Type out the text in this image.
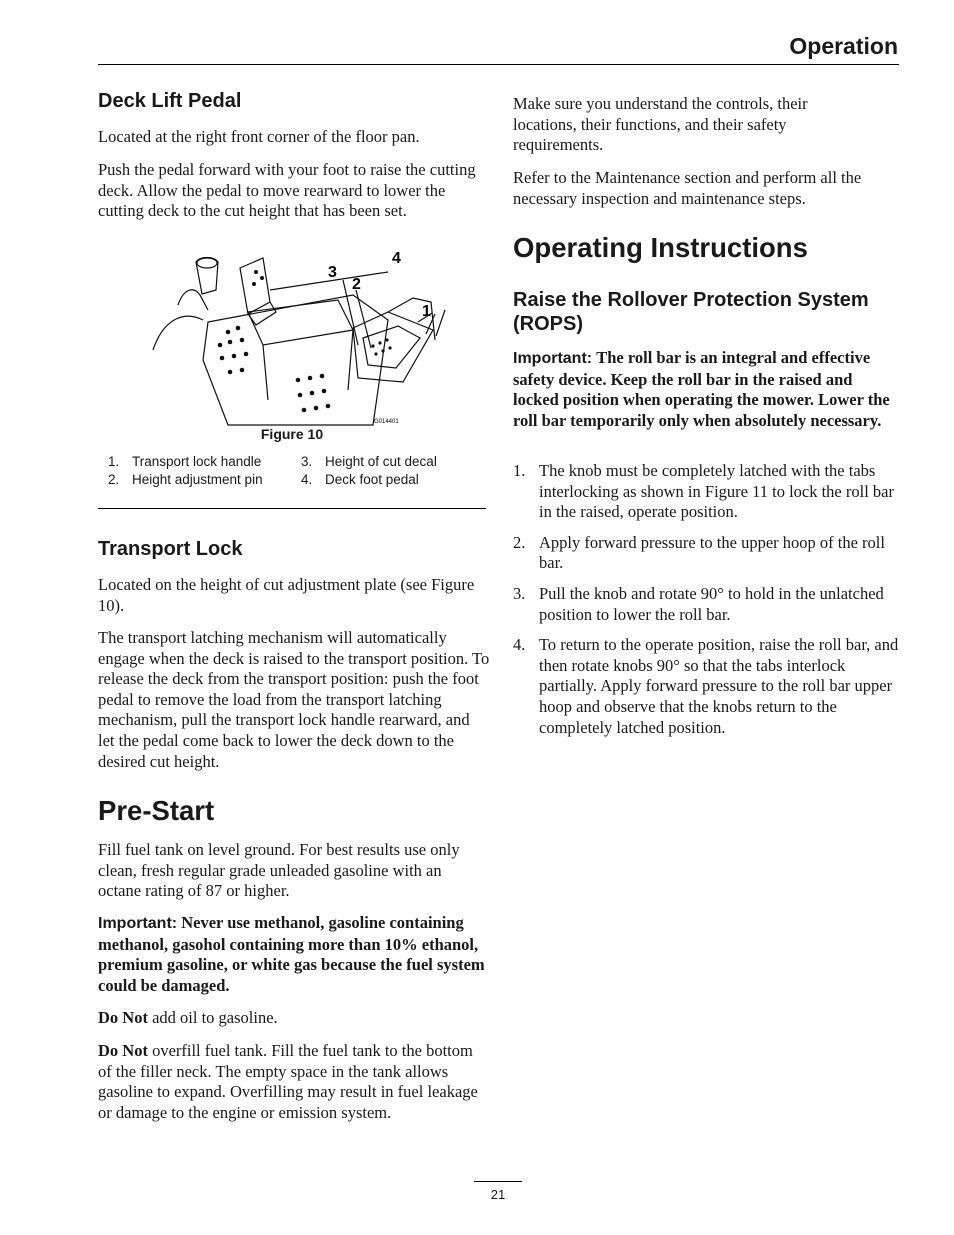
Operation
Deck Lift Pedal

Located at the right front corner of the floor pan.

Push the pedal forward with your foot to raise the cutting deck. Allow the pedal to move rearward to lower the cutting deck to the cut height that has been set.

4
3
2
1
G014401
Figure 10
1. Transport lock handle
2. Height adjustment pin
3. Height of cut decal
4. Deck foot pedal
Transport Lock

Located on the height of cut adjustment plate (see Figure 10).

The transport latching mechanism will automatically engage when the deck is raised to the transport position. To release the deck from the transport position: push the foot pedal to remove the load from the transport latching mechanism, pull the transport lock handle rearward, and let the pedal come back to lower the deck down to the desired cut height.

Pre-Start

Fill fuel tank on level ground. For best results use only clean, fresh regular grade unleaded gasoline with an octane rating of 87 or higher.

Important: Never use methanol, gasoline containing methanol, gasohol containing more than 10% ethanol, premium gasoline, or white gas because the fuel system could be damaged.

Do Not add oil to gasoline.

Do Not overfill fuel tank. Fill the fuel tank to the bottom of the filler neck. The empty space in the tank allows gasoline to expand. Overfilling may result in fuel leakage or damage to the engine or emission system.

Make sure you understand the controls, their locations, their functions, and their safety requirements.

Refer to the Maintenance section and perform all the necessary inspection and maintenance steps.

Operating Instructions
Raise the Rollover Protection System (ROPS)

Important: The roll bar is an integral and effective safety device. Keep the roll bar in the raised and locked position when operating the mower. Lower the roll bar temporarily only when absolutely necessary.

1. The knob must be completely latched with the tabs interlocking as shown in Figure 11 to lock the roll bar in the raised, operate position.
2. Apply forward pressure to the upper hoop of the roll bar.
3. Pull the knob and rotate 90° to hold in the unlatched position to lower the roll bar.
4. To return to the operate position, raise the roll bar, and then rotate knobs 90° so that the tabs interlock partially. Apply forward pressure to the roll bar upper hoop and observe that the knobs return to the completely latched position.
21
